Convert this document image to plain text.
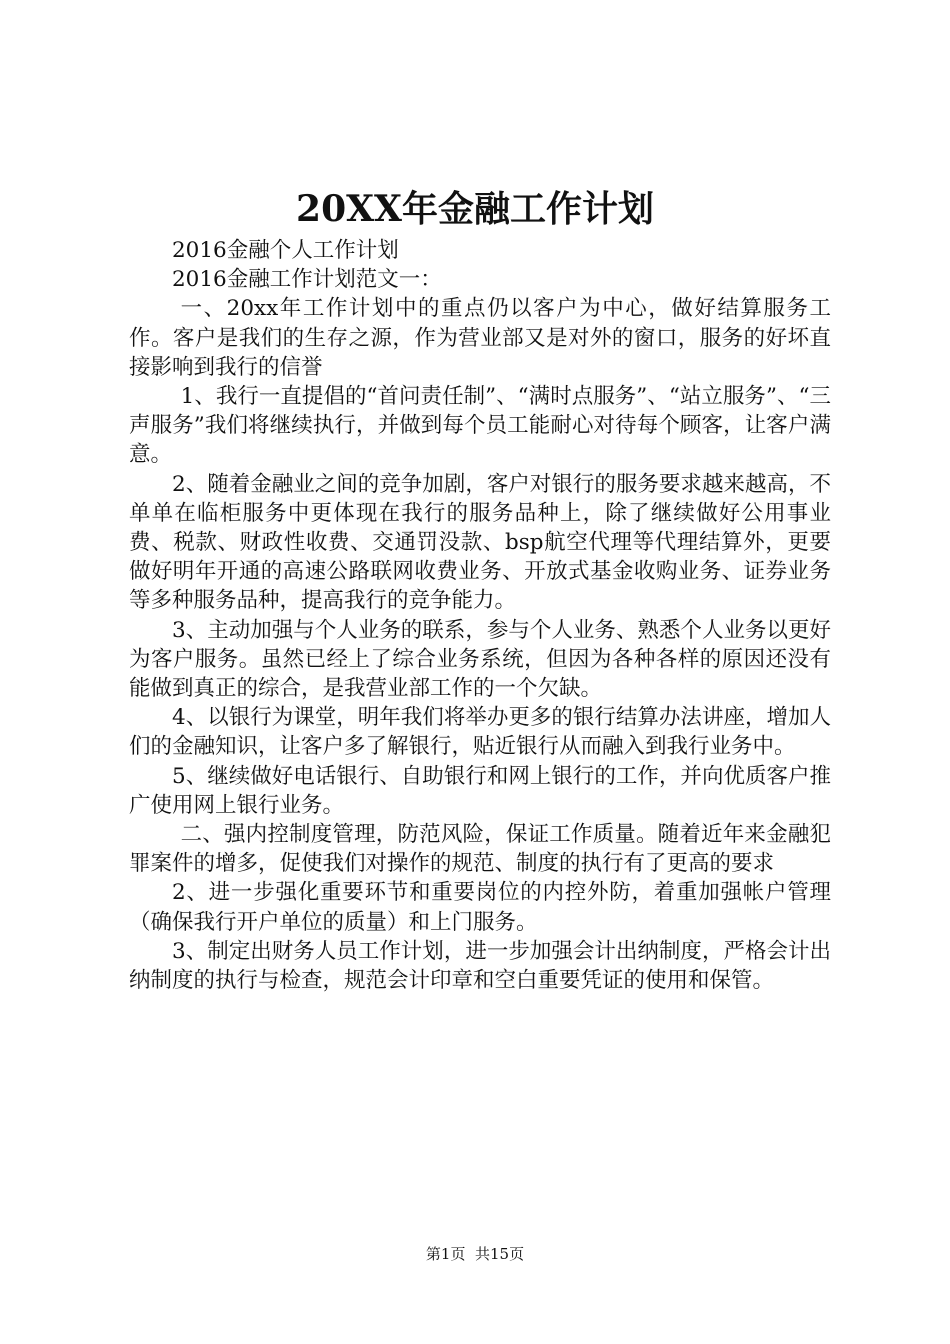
20XX年金融工作计划

2016金融个人工作计划

2016金融工作计划范文一：

一、20xx年工作计划中的重点仍以客户为中心，做好结算服务工作。客户是我们的生存之源，作为营业部又是对外的窗口，服务的好坏直接影响到我行的信誉

1、我行一直提倡的“首问责任制”、“满时点服务”、“站立服务”、“三声服务”我们将继续执行，并做到每个员工能耐心对待每个顾客，让客户满意。

2、随着金融业之间的竞争加剧，客户对银行的服务要求越来越高，不单单在临柜服务中更体现在我行的服务品种上，除了继续做好公用事业费、税款、财政性收费、交通罚没款、bsp航空代理等代理结算外，更要做好明年开通的高速公路联网收费业务、开放式基金收购业务、证券业务等多种服务品种，提高我行的竞争能力。

3、主动加强与个人业务的联系，参与个人业务、熟悉个人业务以更好为客户服务。虽然已经上了综合业务系统，但因为各种各样的原因还没有能做到真正的综合，是我营业部工作的一个欠缺。

4、以银行为课堂，明年我们将举办更多的银行结算办法讲座，增加人们的金融知识，让客户多了解银行，贴近银行从而融入到我行业务中。

5、继续做好电话银行、自助银行和网上银行的工作，并向优质客户推广使用网上银行业务。

二、强内控制度管理，防范风险，保证工作质量。随着近年来金融犯罪案件的增多，促使我们对操作的规范、制度的执行有了更高的要求

2、进一步强化重要环节和重要岗位的内控外防，着重加强帐户管理（确保我行开户单位的质量）和上门服务。

3、制定出财务人员工作计划，进一步加强会计出纳制度，严格会计出纳制度的执行与检查，规范会计印章和空白重要凭证的使用和保管。

第1页 共15页
